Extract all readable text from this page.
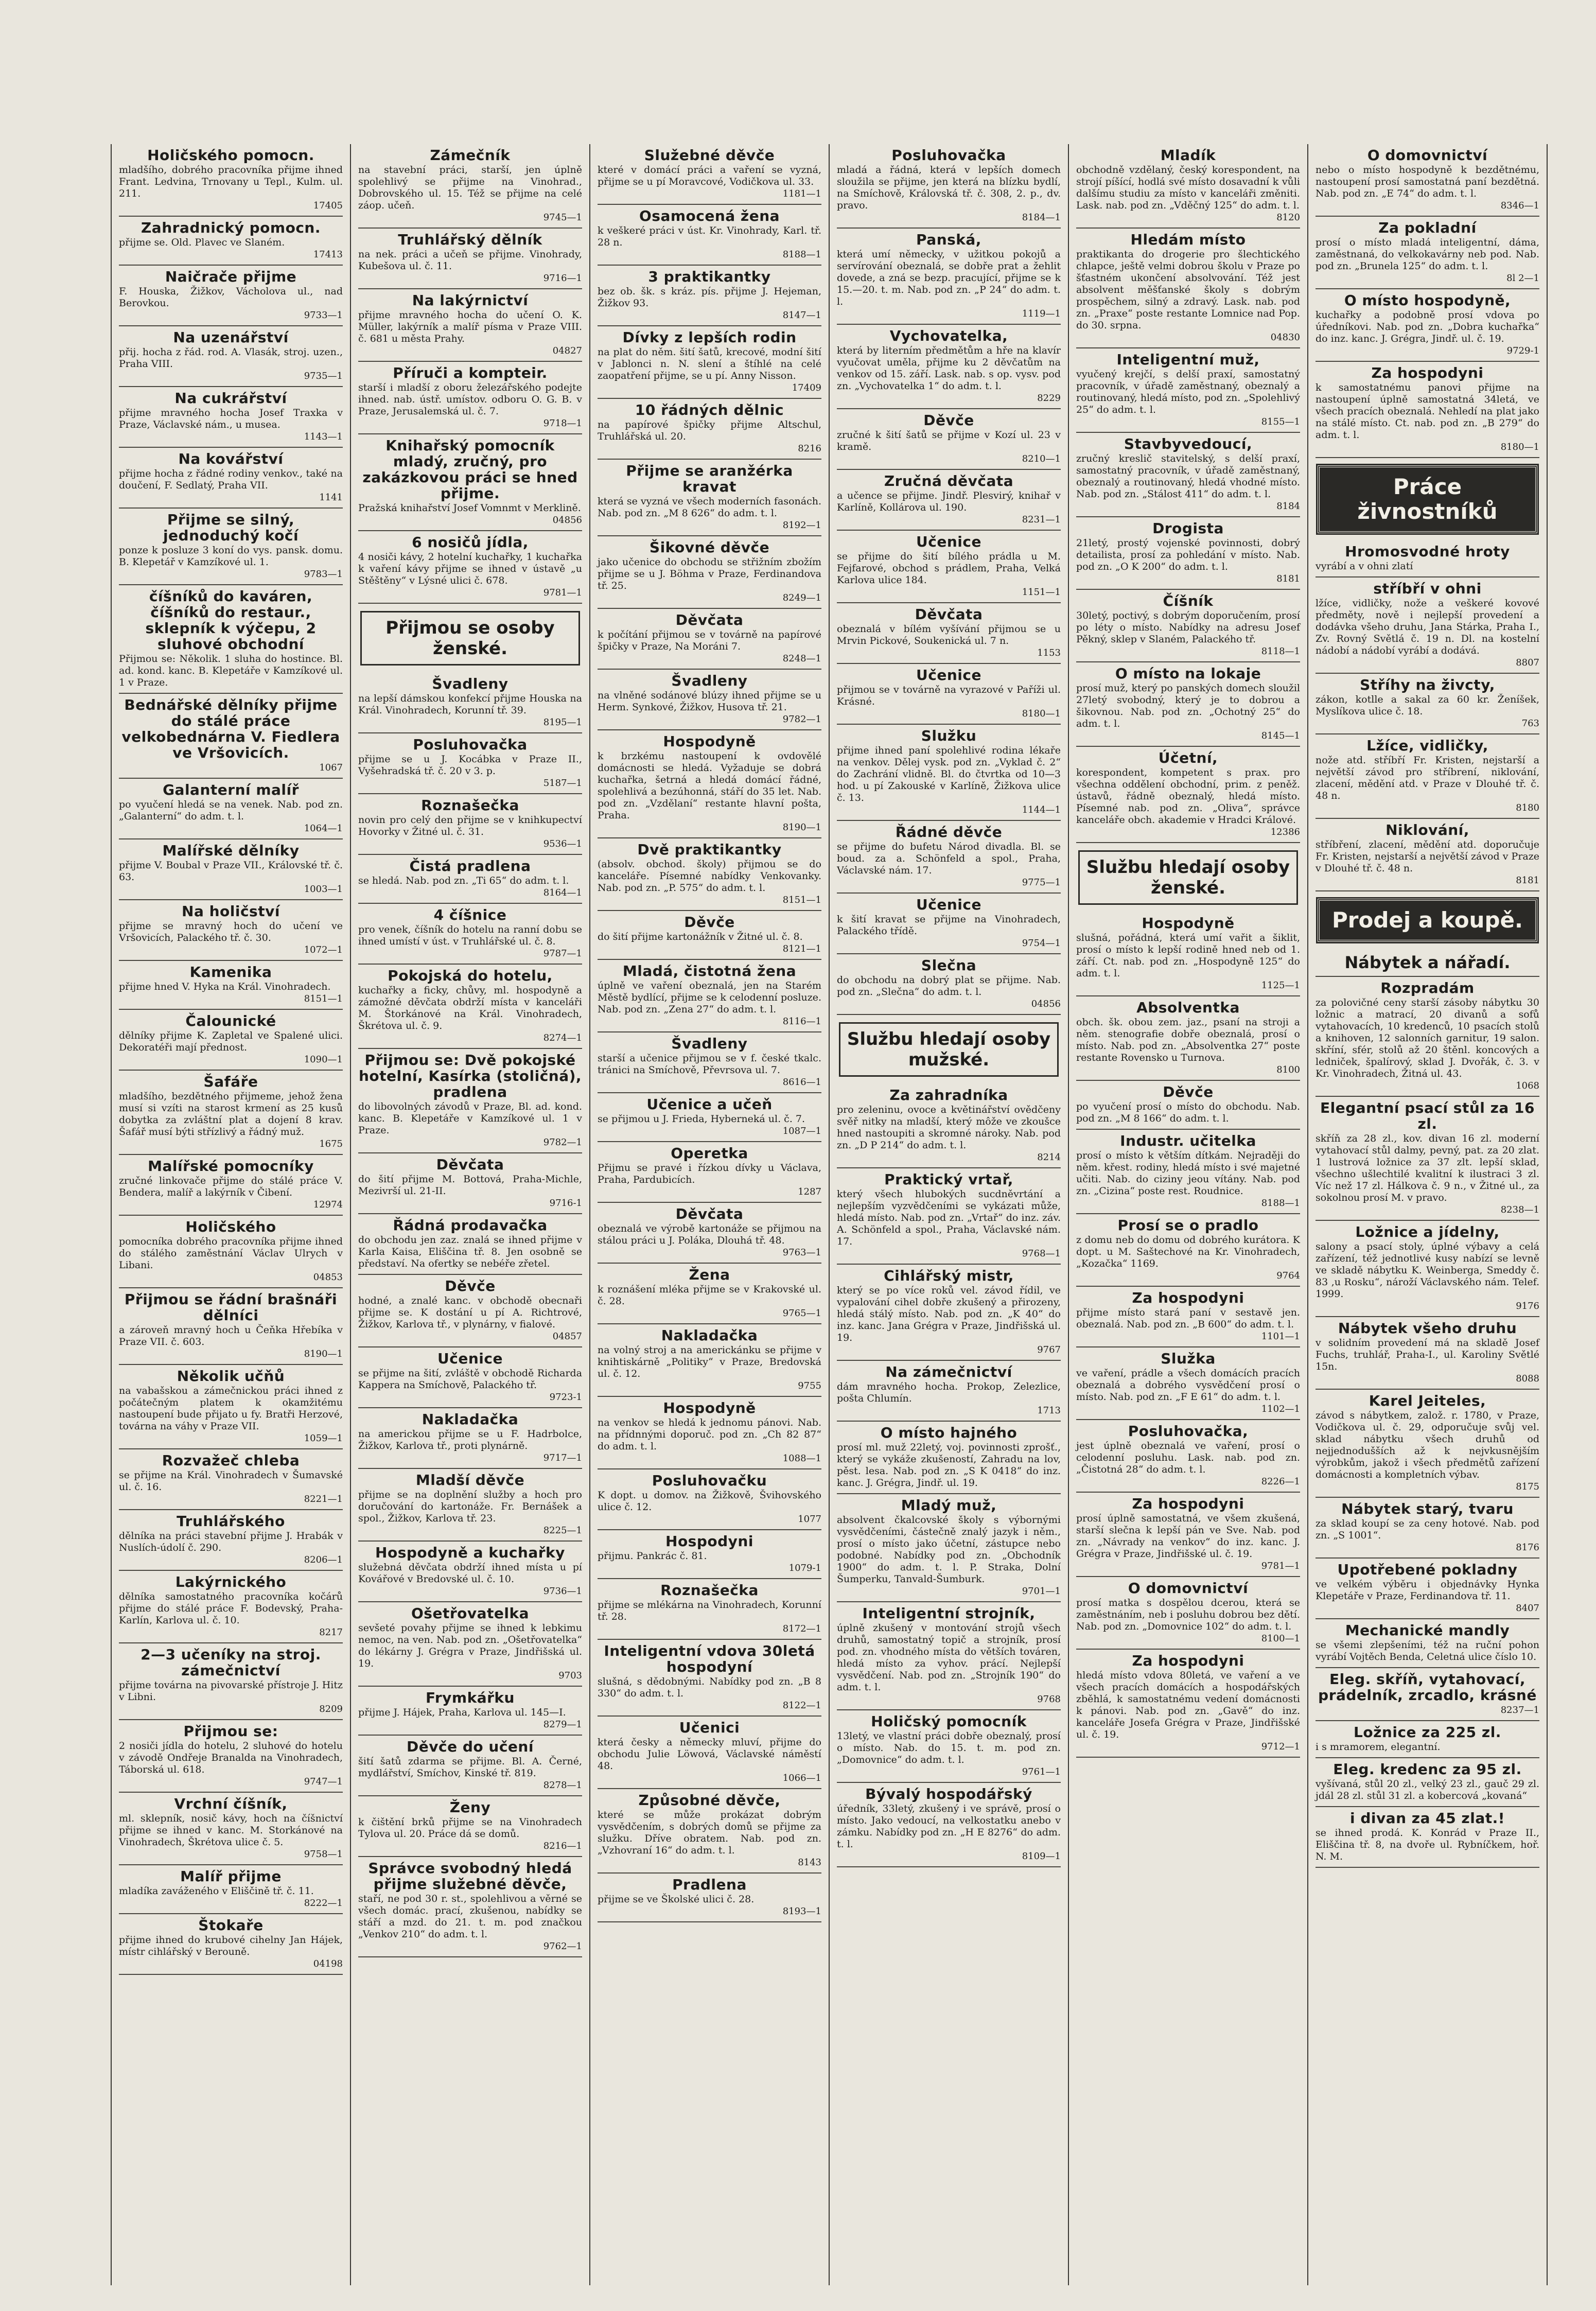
Holičského pomocn.

mladšího, dobrého pracovníka přijme ihned Frant. Ledvina, Trnovany u Tepl., Kulm. ul. 211.

17405
Zahradnický pomocn.

přijme se. Old. Plavec ve Slaném.

17413
Naičrače přijme

F. Houska, Žižkov, Vácholova ul., nad Berovkou.

9733—1
Na uzenářství

přij. hocha z řád. rod. A. Vlasák, stroj. uzen., Praha VIII.

9735—1
Na cukrářství

přijme mravného hocha Josef Traxka v Praze, Václavské nám., u musea.

1143—1
Na kovářství

přijme hocha z řádné rodiny venkov., také na doučení, F. Sedlatý, Praha VII.

1141
Přijme se silný, jednoduchý kočí

ponze k posluze 3 koní do vys. pansk. domu. B. Klepetář v Kamzíkové ul. 1.

9783—1
číšníků do kaváren, číšníků do restaur., sklepník k výčepu, 2 sluhové obchodní

Přijmou se: Několik. 1 sluha do hostince. Bl. ad. kond. kanc. B. Klepetáře v Kamzíkové ul. 1 v Praze.

Bednářské dělníky přijme do stálé práce velkobednárna V. Fiedlera ve Vršovicích.
1067
Galanterní malíř

po vyučení hledá se na venek. Nab. pod zn. „Galanterní“ do adm. t. l.

1064—1
Malířské dělníky

přijme V. Boubal v Praze VII., Královské tř. č. 63.

1003—1
Na holičství

přijme se mravný hoch do učení ve Vršovicích, Palackého tř. č. 30.

1072—1
Kamenika

přijme hned V. Hyka na Král. Vinohradech.

8151—1
Čalounické

dělníky přijme K. Zapletal ve Spalené ulici. Dekoratéři mají přednost.

1090—1
Šafáře

mladšího, bezdětného přijmeme, jehož žena musí si vzíti na starost krmení as 25 kusů dobytka za zvláštní plat a dojení 8 krav. Šafář musí býti střízlivý a řádný muž.

1675
Malířské pomocníky

zručné linkovače přijme do stálé práce V. Bendera, malíř a lakýrník v Čibení.

12974
Holičského

pomocníka dobrého pracovníka přijme ihned do stálého zaměstnání Václav Ulrych v Libani.

04853
Přijmou se řádní brašnáři dělníci

a zároveň mravný hoch u Čeňka Hřebíka v Praze VII. č. 603.

8190—1
Několik učňů

na vabašskou a zámečnickou práci ihned z počátečným platem k okamžitému nastoupení bude přijato u fy. Bratři Herzové, továrna na váhy v Praze VII.

1059—1
Rozvažeč chleba

se přijme na Král. Vinohradech v Šumavské ul. č. 16.

8221—1
Truhlářského

dělníka na práci stavební přijme J. Hrabák v Nuslích-údolí č. 290.

8206—1
Lakýrnického

dělníka samostatného pracovníka kočárů přijme do stálé práce F. Bodevský, Praha-Karlín, Karlova ul. č. 10.

8217
2—3 učeníky na stroj. zámečnictví

přijme továrna na pivovarské přístroje J. Hitz v Libni.

8209
Přijmou se:

2 nosiči jídla do hotelu, 2 sluhové do hotelu v závodě Ondřeje Branalda na Vinohradech, Táborská ul. 618.

9747—1
Vrchní číšník,

ml. sklepník, nosič kávy, hoch na číšnictví přijme se ihned v kanc. M. Storkánové na Vinohradech, Škrétova ulice č. 5.

9758—1
Malíř přijme

mladíka zaváženého v Eliščině tř. č. 11.

8222—1
Štokaře

přijme ihned do krubové cihelny Jan Hájek, místr cihlářský v Berouně.

04198
Zámečník

na stavební práci, starší, jen úplně spolehlivý se přijme na Vinohrad., Dobrovského ul. 15. Též se přijme na celé záop. učeň.

9745—1
Truhlářský dělník

na nek. práci a učeň se přijme. Vinohrady, Kubešova ul. č. 11.

9716—1
Na lakýrnictví

přijme mravného hocha do učení O. K. Müller, lakýrník a malíř písma v Praze VIII. č. 681 u města Prahy.

04827
Příruči a kompteir.

starší i mladší z oboru železářského podejte ihned. nab. ústř. umístov. odboru O. G. B. v Praze, Jerusalemská ul. č. 7.

9718—1
Knihařský pomocník mladý, zručný, pro zakázkovou práci se hned přijme.

Pražská knihařství Josef Vomnmt v Merklině.

04856
6 nosičů jídla,

4 nosiči kávy, 2 hotelní kuchařky, 1 kuchařka k vaření kávy přijme se ihned v ústavě „u Stěštěny“ v Lýsné ulici č. 678.

9781—1
Přijmou se osoby ženské.
Švadleny

na lepší dámskou konfekcí přijme Houska na Král. Vinohradech, Korunní tř. 39.

8195—1
Posluhovačka

přijme se u J. Kocábka v Praze II., Vyšehradská tř. č. 20 v 3. p.

5187—1
Roznašečka

novin pro celý den přijme se v knihkupectví Hovorky v Žitné ul. č. 31.

9536—1
Čistá pradlena

se hledá. Nab. pod zn. „Ti 65“ do adm. t. l.

8164—1
4 číšnice

pro venek, číšník do hotelu na ranní dobu se ihned umístí v úst. v Truhlářské ul. č. 8.

9787—1
Pokojská do hotelu,

kuchařky a ficky, chůvy, ml. hospodyně a zámožné děvčata obdrží místa v kanceláři M. Štorkánové na Král. Vinohradech, Škrétova ul. č. 9.

8274—1
Přijmou se: Dvě pokojské hotelní, Kasírka (stoličná), pradlena

do libovolných závodů v Praze, Bl. ad. kond. kanc. B. Klepetáře v Kamzíkové ul. 1 v Praze.

9782—1
Děvčata

do šití přijme M. Bottová, Praha-Michle, Mezivrší ul. 21-II.

9716-1
Řádná prodavačka

do obchodu jen zaz. znalá se ihned přijme v Karla Kaisa, Eliščina tř. 8. Jen osobně se představí. Na ofertky se nebéře zřetel.

Děvče

hodné, a znalé kanc. v obchodě obecnaři přijme se. K dostání u pí A. Richtrové, Žižkov, Karlova tř., v plynárny, v fialové.

04857
Učenice

se přijme na šití, zvláště v obchodě Richarda Kappera na Smíchově, Palackého tř.

9723-1
Nakladačka

na americkou přijme se u F. Hadrbolce, Žižkov, Karlova tř., proti plynárně.

9717—1
Mladší děvče

přijme se na doplnění služby a hoch pro doručování do kartonáže. Fr. Bernášek a spol., Žižkov, Karlova tř. 23.

8225—1
Hospodyně a kuchařky

služebná děvčata obdrží ihned místa u pí Kovářové v Bredovské ul. č. 10.

9736—1
Ošetřovatelka

sevšeté povahy přijme se ihned k lebkimu nemoc, na ven. Nab. pod zn. „Ošetřovatelka“ do lékárny J. Grégra v Praze, Jindřišská ul. 19.

9703
Frymkářku

přijme J. Hájek, Praha, Karlova ul. 145—I.

8279—1
Děvče do učení

šití šatů zdarma se přijme. Bl. A. Černé, mydlářství, Smíchov, Kinské tř. 819.

8278—1
Ženy

k čištění brků přijme se na Vinohradech Tylova ul. 20. Práce dá se domů.

8216—1
Správce svobodný hledá přijme služebné děvče,

staří, ne pod 30 r. st., spolehlivou a věrné se všech domác. prací, zkušenou, nabídky se stáří a mzd. do 21. t. m. pod značkou „Venkov 210“ do adm. t. l.

9762—1
Služebné děvče

které v domácí práci a vaření se vyzná, přijme se u pí Moravcové, Vodičkova ul. 33.

1181—1
Osamocená žena

k veškeré práci v úst. Kr. Vinohrady, Karl. tř. 28 n.

8188—1
3 praktikantky

bez ob. šk. s kráz. pís. přijme J. Hejeman, Žižkov 93.

8147—1
Dívky z lepších rodin

na plat do něm. šití šatů, krecové, modní šití v Jablonci n. N. slení a štíhlé na celé zaopatření přijme, se u pí. Anny Nisson.

17409
10 řádných dělnic

na papírové špičky přijme Altschul, Truhlářská ul. 20.

8216
Přijme se aranžérka kravat

která se vyzná ve všech moderních fasonách. Nab. pod zn. „M 8 626“ do adm. t. l.

8192—1
Šikovné děvče

jako učenice do obchodu se střižním zbožím přijme se u J. Böhma v Praze, Ferdinandova tř. 25.

8249—1
Děvčata

k počítání přijmou se v továrně na papírové špičky v Praze, Na Moráni 7.

8248—1
Švadleny

na vlněné sodánové blúzy ihned přijme se u Herm. Synkové, Žižkov, Husova tř. 21.

9782—1
Hospodyně

k brzkému nastoupení k ovdovělé domácnosti se hledá. Vyžaduje se dobrá kuchařka, šetrná a hledá domácí řádné, spolehlivá a bezúhonná, stáří do 35 let. Nab. pod zn. „Vzdělaní“ restante hlavní pošta, Praha.

8190—1
Dvě praktikantky

(absolv. obchod. školy) přijmou se do kanceláře. Písemné nabídky Venkovanky. Nab. pod zn. „P. 575“ do adm. t. l.

8151—1
Děvče

do šití přijme kartonážník v Žitné ul. č. 8.

8121—1
Mladá, čistotná žena

úplně ve vaření obeznalá, jen na Starém Městě bydlící, přijme se k celodenní posluze. Nab. pod zn. „Zena 27“ do adm. t. l.

8116—1
Švadleny

starší a učenice přijmou se v f. české tkalc. tránici na Smíchově, Převrsova ul. 7.

8616—1
Učenice a učeň

se přijmou u J. Frieda, Hyberneká ul. č. 7.

1087—1
Operetka

Přijmu se pravé i řízkou dívky u Václava, Praha, Pardubicích.

1287
Děvčata

obeznalá ve výrobě kartonáže se přijmou na stálou práci u J. Poláka, Dlouhá tř. 48.

9763—1
Žena

k roznášení mléka přijme se v Krakovské ul. č. 28.

9765—1
Nakladačka

na volný stroj a na americkánku se přijme v knihtiskárně „Politiky“ v Praze, Bredovská ul. č. 12.

9755
Hospodyně

na venkov se hledá k jednomu pánovi. Nab. na přídnnými doporuč. pod zn. „Ch 82 87“ do adm. t. l.

1088—1
Posluhovačku

K dopt. u domov. na Žižkově, Švihovského ulice č. 12.

1077
Hospodyni

přijmu. Pankrác č. 81.

1079-1
Roznašečka

přijme se mlékárna na Vinohradech, Korunní tř. 28.

8172—1
Inteligentní vdova 30letá hospodyní

slušná, s dědobnými. Nabídky pod zn. „B 8 330“ do adm. t. l.

8122—1
Učenici

která česky a německy mluví, přijme do obchodu Julie Löwová, Václavské náměstí 48.

1066—1
Způsobné děvče,

které se může prokázat dobrým vysvědčením, s dobrých domů se přijme za služku. Dříve obratem. Nab. pod zn. „Vzhovraní 16“ do adm. t. l.

8143
Pradlena

přijme se ve Školské ulici č. 28.

8193—1
Posluhovačka

mladá a řádná, která v lepších domech sloužila se přijme, jen která na blízku bydlí, na Smíchově, Královská tř. č. 308, 2. p., dv. pravo.

8184—1
Panská,

která umí německy, v užitkou pokojů a servírování obeznalá, se dobře prat a žehlit dovede, a zná se bezp. pracující, přijme se k 15.—20. t. m. Nab. pod zn. „P 24“ do adm. t. l.

1119—1
Vychovatelka,

která by literním předmětům a hře na klavír vyučovat uměla, přijme ku 2 děvčatům na venkov od 15. září. Lask. nab. s op. vysv. pod zn. „Vychovatelka 1“ do adm. t. l.

8229
Děvče

zručné k šití šatů se přijme v Kozí ul. 23 v kramě.

8210—1
Zručná děvčata

a učence se přijme. Jindř. Plesvirý, knihař v Karlíně, Kollárova ul. 190.

8231—1
Učenice

se přijme do šití bílého prádla u M. Fejfarové, obchod s prádlem, Praha, Velká Karlova ulice 184.

1151—1
Děvčata

obeznalá v bílém vyšívání přijmou se u Mrvin Pickové, Soukenická ul. 7 n.

1153
Učenice

přijmou se v továrně na vyrazové v Paříži ul. Krásné.

8180—1
Služku

přijme ihned paní spolehlivé rodina lékaře na venkov. Dělej vysk. pod zn. „Vyklad č. 2“ do Zachrání vlidně. Bl. do čtvrtka od 10—3 hod. u pí Zakouské v Karlíně, Žižkova ulice č. 13.

1144—1
Řádné děvče

se přijme do bufetu Národ divadla. Bl. se boud. za a. Schönfeld a spol., Praha, Václavské nám. 17.

9775—1
Učenice

k šití kravat se přijme na Vinohradech, Palackého třídě.

9754—1
Slečna

do obchodu na dobrý plat se přijme. Nab. pod zn. „Slečna“ do adm. t. l.

04856
Službu hledají osoby mužské.
Za zahradníka

pro zeleninu, ovoce a květinářství ovědčeny svěř nitky na mladší, který môže ve zkoušce hned nastoupiti a skromné nároky. Nab. pod zn. „D P 214“ do adm. t. l.

8214
Praktický vrtař,

který všech hlubokých sucdněvrtání a nejlepším vyzvědčeními se vykázati může, hledá místo. Nab. pod zn. „Vrtař“ do inz. záv. A. Schönfeld a spol., Praha, Václavské nám. 17.

9768—1
Cihlářský mistr,

který se po více roků vel. závod řídil, ve vypalování cihel dobře zkušený a přirozeny, hledá stálý místo. Nab. pod zn. „K 40“ do inz. kanc. Jana Grégra v Praze, Jindřišská ul. 19.

9767
Na zámečnictví

dám mravného hocha. Prokop, Zelezlice, pošta Chlumín.

1713
O místo hajného

prosí ml. muž 22letý, voj. povinnosti zprošť., který se vykáže zkušeností, Zahradu na lov, pěst. lesa. Nab. pod zn. „S K 0418“ do inz. kanc. J. Grégra, Jindř. ul. 19.

Mladý muž,

absolvent čkalcovské školy s výbornými vysvědčeními, částečně znalý jazyk i něm., prosí o místo jako účetní, zástupce nebo podobné. Nabídky pod zn. „Obchodník 1900“ do adm. t. l. P. Straka, Dolní Šumperku, Tanvald-Šumburk.

9701—1
Inteligentní strojník,

úplně zkušený v montování strojů všech druhů, samostatný topič a strojník, prosí pod. zn. vhodného místa do větších továren, hledá místo za vyhov. prácí. Nejlepší vysvědčení. Nab. pod zn. „Strojník 190“ do adm. t. l.

9768
Holičský pomocník

13letý, ve vlastní práci dobře obeznalý, prosí o místo. Nab. do 15. t. m. pod zn. „Domovnice“ do adm. t. l.

9761—1
Bývalý hospodářský

úředník, 33letý, zkušený i ve správě, prosí o místo. Jako vedoucí, na velkostatku anebo v zámku. Nabídky pod zn. „H E 8276“ do adm. t. l.

8109—1
Mladík

obchodně vzdělaný, český korespondent, na strojí píšící, hodlá své místo dosavadní k vůli dalšímu studiu za místo v kanceláři změniti. Lask. nab. pod zn. „Vděčný 125“ do adm. t. l.

8120
Hledám místo

praktikanta do drogerie pro šlechtického chlapce, ještě velmi dobrou školu v Praze po šťastném ukončení absolvování. Též jest absolvent měšťanské školy s dobrým prospěchem, silný a zdravý. Lask. nab. pod zn. „Praxe“ poste restante Lomnice nad Pop. do 30. srpna.

04830
Inteligentní muž,

vyučený krejčí, s delší praxí, samostatný pracovník, v úřadě zaměstnaný, obeznalý a routinovaný, hledá místo, pod zn. „Spolehlivý 25“ do adm. t. l.

8155—1
Stavbyvedoucí,

zručný kreslič stavitelský, s delší praxí, samostatný pracovník, v úřadě zaměstnaný, obeznalý a routinovaný, hledá vhodné místo. Nab. pod zn. „Stálost 411“ do adm. t. l.

8184
Drogista

21letý, prostý vojenské povinnosti, dobrý detailista, prosí za pohledání v místo. Nab. pod zn. „O K 200“ do adm. t. l.

8181
Číšník

30letý, poctivý, s dobrým doporučením, prosí po léty o místo. Nabídky na adresu Josef Pěkný, sklep v Slaném, Palackého tř.

8118—1
O místo na lokaje

prosí muž, který po panských domech sloužil 27letý svobodný, který je to dobrou a šikovnou. Nab. pod zn. „Ochotný 25“ do adm. t. l.

8145—1
Účetní,

korespondent, kompetent s prax. pro všechna oddělení obchodní, prim. z peněž. ústavů, řádně obeznalý, hledá místo. Písemné nab. pod zn. „Oliva“, správce kanceláře obch. akademie v Hradci Králové.

12386
Službu hledají osoby ženské.
Hospodyně

slušná, pořádná, která umí vařit a šiklit, prosí o místo k lepší rodině hned neb od 1. září. Ct. nab. pod zn. „Hospodyně 125“ do adm. t. l.

1125—1
Absolventka

obch. šk. obou zem. jaz., psaní na stroji a něm. stenografie dobře obeznalá, prosí o místo. Nab. pod zn. „Absolventka 27“ poste restante Rovensko u Turnova.

8100
Děvče

po vyučení prosí o místo do obchodu. Nab. pod zn. „M 8 166“ do adm. t. l.

Industr. učitelka

prosí o místo k větším dítkám. Nejraději do něm. křest. rodiny, hledá místo i své majetné učiti. Nab. do ciziny jeou vítány. Nab. pod zn. „Cizina“ poste rest. Roudnice.

8188—1
Prosí se o pradlo

z domu neb do domu od dobrého kurátora. K dopt. u M. Saštechové na Kr. Vinohradech, „Kozačka“ 1169.

9764
Za hospodyni

přijme místo stará paní v sestavě jen. obeznalá. Nab. pod zn. „B 600“ do adm. t. l.

1101—1
Služka

ve vaření, prádle a všech domácích pracích obeznalá a dobrého vysvědčení prosí o místo. Nab. pod zn. „F E 61“ do adm. t. l.

1102—1
Posluhovačka,

jest úplně obeznalá ve vaření, prosí o celodenní posluhu. Lask. nab. pod zn. „Čistotná 28“ do adm. t. l.

8226—1
Za hospodyni

prosí úplně samostatná, ve všem zkušená, starší slečna k lepší pán ve Sve. Nab. pod zn. „Návrady na venkov“ do inz. kanc. J. Grégra v Praze, Jindřišské ul. č. 19.

9781—1
O domovnictví

prosí matka s dospělou dcerou, která se zaměstnáním, neb i posluhu dobrou bez dětí. Nab. pod zn. „Domovnice 102“ do adm. t. l.

8100—1
Za hospodyni

hledá místo vdova 80letá, ve vaření a ve všech pracích domácích a hospodářských zběhlá, k samostatnému vedení domácnosti k pánovi. Nab. pod zn. „Gavě“ do inz. kanceláře Josefa Grégra v Praze, Jindřišské ul. č. 19.

9712—1
O domovnictví

nebo o místo hospodyně k bezdětnému, nastoupení prosí samostatná paní bezdětná. Nab. pod zn. „E 74“ do adm. t. l.

8346—1
Za pokladní

prosí o místo mladá inteligentní, dáma, zaměstnaná, do velkokavárny neb pod. Nab. pod zn. „Brunela 125“ do adm. t. l.

8l 2—1
O místo hospodyně,

kuchařky a podobně prosí vdova po úředníkovi. Nab. pod zn. „Dobra kuchařka“ do inz. kanc. J. Grégra, Jindř. ul. č. 19.

9729-1
Za hospodyni

k samostatnému panovi přijme na nastoupení úplně samostatná 34letá, ve všech pracích obeznalá. Nehledí na plat jako na stálé místo. Ct. nab. pod zn. „B 279“ do adm. t. l.

8180—1
Práce živnostníků
Hromosvodné hroty

vyrábí a v ohni zlatí

stříbří v ohni

lžíce, vidličky, nože a veškeré kovové předměty, nově i nejlepší provedení a dodávka všeho druhu, Jana Stárka, Praha I., Zv. Rovný Světlá č. 19 n. Dl. na kostelní nádobí a nádobí vyrábí a dodává.

8807
Stříhy na živcty,

zákon, kotlle a sakal za 60 kr. Ženíšek, Myslíkova ulice č. 18.

763
Lžíce, vidličky,

nože atd. stříbří Fr. Kristen, nejstarší a největší závod pro stříbrení, niklování, zlacení, mědění atd. v Praze v Dlouhé tř. č. 48 n.

8180
Niklování,

stříbření, zlacení, mědění atd. doporučuje Fr. Kristen, nejstarší a největší závod v Praze v Dlouhé tř. č. 48 n.

8181
Prodej a koupě.
Nábytek a nářadí.
Rozpradám

za polovičné ceny starší zásoby nábytku 30 ložnic a matrací, 20 divanů a sofů vytahovacích, 10 kredenců, 10 psacích stolů a knihoven, 12 salonních garnitur, 19 salon. skříní, sfér, stolů až 20 štěnl. koncových a ledniček, špalírový, sklad J. Dvořák, č. 3. v Kr. Vinohradech, Žitná ul. 43.

1068
Elegantní psací stůl za 16 zl.

skříň za 28 zl., kov. divan 16 zl. moderní vytahovací stůl dalmy, pevný, pat. za 20 zlat. 1 lustrová ložnice za 37 zlt. lepší sklad, všechno ušlechtilé kvalitní k ilustraci 3 zl. Víc než 17 zl. Hálkova č. 9 n., v Žitné ul., za sokolnou prosí M. v pravo.

8238—1
Ložnice a jídelny,

salony a psací stoly, úplné výbavy a celá zařízení, též jednotlivé kusy nabízí se levně ve skladě nábytku K. Weinberga, Smeddy č. 83 ,u Rosku“, nároží Václavského nám. Telef. 1999.

9176
Nábytek všeho druhu

v solidním provedení má na skladě Josef Fuchs, truhlář, Praha-I., ul. Karoliny Světlé 15n.

8088
Karel Jeiteles,

závod s nábytkem, založ. r. 1780, v Praze, Vodičkova ul. č. 29, odporučuje svůj vel. sklad nábytku všech druhů od nejjednodušších až k nejvkusnějším výrobkům, jakož i všech předmětů zařízení domácnosti a kompletních výbav.

8175
Nábytek starý, tvaru

za sklad koupí se za ceny hotové. Nab. pod zn. „S 1001“.

8176
Upotřebené pokladny

ve velkém výběru i objednávky Hynka Klepetáře v Praze, Ferdinandova tř. 11.

8407
Mechanické mandly

se všemi zlepšeními, též na ruční pohon vyrábí Vojtěch Benda, Celetná ulice číslo 10.

Eleg. skříň, vytahovací, prádelník, zrcadlo, krásné
8237—1
Ložnice za 225 zl.

i s mramorem, elegantní.

Eleg. kredenc za 95 zl.

vyšívaná, stůl 20 zl., velký 23 zl., gauč 29 zl. jdál 28 zl. stůl 31 zl. a kobercová „kovaná“

i divan za 45 zlat.!

se ihned prodá. K. Konrád v Praze II., Eliščina tř. 8, na dvoře ul. Rybníčkem, hoř. N. M.
